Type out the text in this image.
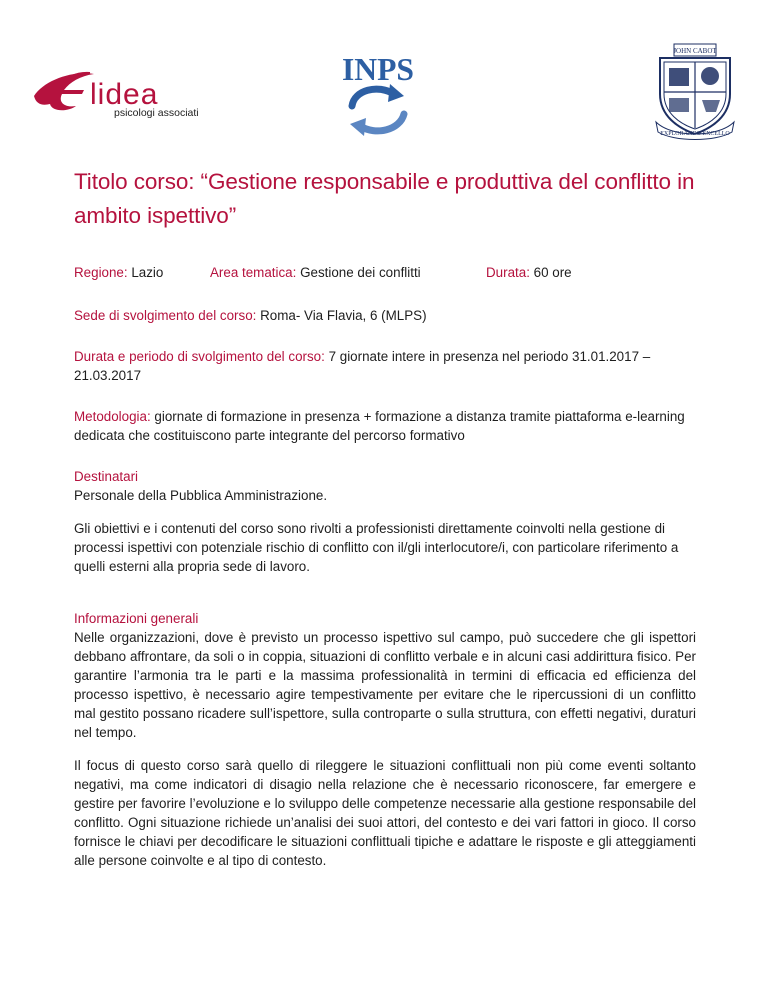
lidea
psicologi associati
INPS	JOHN CABOT
EXPLORANDO EXCELLO
Titolo corso: “Gestione responsabile e produttiva del conflitto in ambito ispettivo”
Regione: Lazio	Area tematica: Gestione dei conflitti	Durata: 60 ore

Sede di svolgimento del corso: Roma- Via Flavia, 6 (MLPS)

Durata e periodo di svolgimento del corso: 7 giornate intere in presenza nel periodo 31.01.2017 – 21.03.2017

Metodologia: giornate di formazione in presenza + formazione a distanza tramite piattaforma e-learning dedicata che costituiscono parte integrante del percorso formativo

Destinatari

Personale della Pubblica Amministrazione.

Gli obiettivi e i contenuti del corso sono rivolti a professionisti direttamente coinvolti nella gestione di processi ispettivi con potenziale rischio di conflitto con il/gli interlocutore/i, con particolare riferimento a quelli esterni alla propria sede di lavoro.

Informazioni generali

Nelle organizzazioni, dove è previsto un processo ispettivo sul campo, può succedere che gli ispettori debbano affrontare, da soli o in coppia, situazioni di conflitto verbale e in alcuni casi addirittura fisico. Per garantire l’armonia tra le parti e la massima professionalità in termini di efficacia ed efficienza del processo ispettivo, è necessario agire tempestivamente per evitare che le ripercussioni di un conflitto mal gestito possano ricadere sull’ispettore, sulla controparte o sulla struttura, con effetti negativi, duraturi nel tempo.

Il focus di questo corso sarà quello di rileggere le situazioni conflittuali non più come eventi soltanto negativi, ma come indicatori di disagio nella relazione che è necessario riconoscere, far emergere e gestire per favorire l’evoluzione e lo sviluppo delle competenze necessarie alla gestione responsabile del conflitto. Ogni situazione richiede un’analisi dei suoi attori, del contesto e dei vari fattori in gioco. Il corso fornisce le chiavi per decodificare le situazioni conflittuali tipiche e adattare le risposte e gli atteggiamenti alle persone coinvolte e al tipo di contesto.
